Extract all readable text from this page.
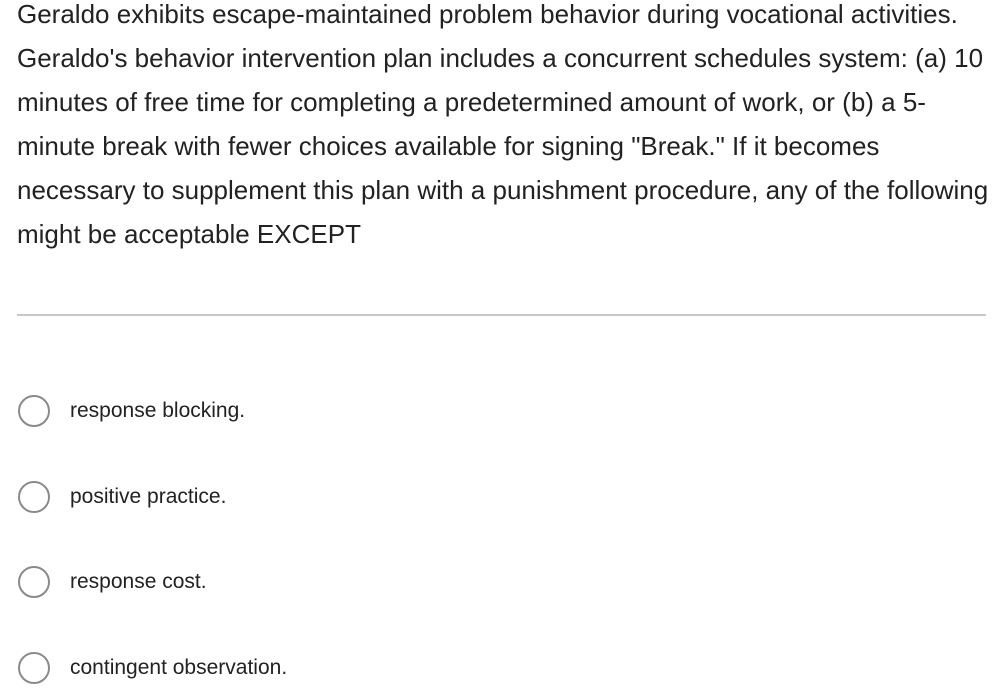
Geraldo exhibits escape-maintained problem behavior during vocational activities. Geraldo's behavior intervention plan includes a concurrent schedules system: (a) 10 minutes of free time for completing a predetermined amount of work, or (b) a 5-minute break with fewer choices available for signing "Break." If it becomes necessary to supplement this plan with a punishment procedure, any of the following might be acceptable EXCEPT

response blocking.
positive practice.
response cost.
contingent observation.
